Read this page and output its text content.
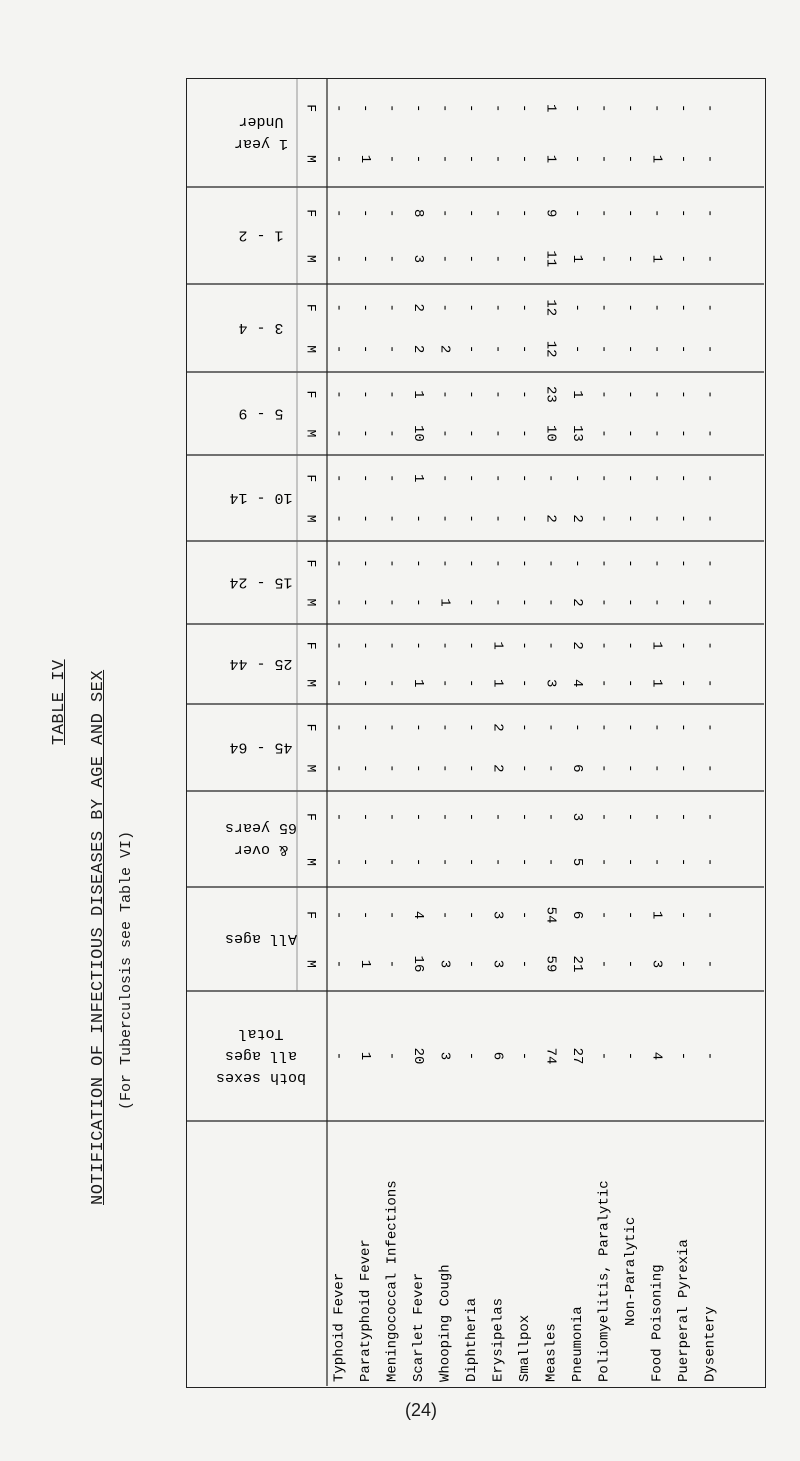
TABLE IV NOTIFICATION OF INFECTIOUS DISEASES BY AGE AND SEX (For Tuberculosis see Table VI)
Under
1 year
1 - 2
3 - 4
5 - 9
10 - 14
15 - 24
25 - 44
45 - 64
65 years
& over
All ages
Total
all ages
both sexes
M - 1 - - - - - - 1 - - - 1 - -
F - - - - - - - - 1 - - - - - -
M - - - 3 - - - - 11 1 - - 1 - -
F - - - 8 - - - - 9 - - - - - -
M - - - 2 2 - - - 12 - - - - - -
F - - - 2 - - - - 12 - - - - - -
M - - - 10 - - - - 10 13 - - - - -
F - - - 1 - - - - 23 1 - - - - -
M - - - - - - - - 2 2 - - - - -
F - - - 1 - - - - - - - - - - -
M - - - - 1 - - - - 2 - - - - -
F - - - - - - - - - - - - - - -
M - - - 1 - - 1 - 3 4 - - 1 - -
F - - - - - - 1 - - 2 - - 1 - -
M - - - - - - 2 - - 6 - - - - -
F - - - - - - 2 - - - - - - - -
M - - - - - - - - - 5 - - - - -
F - - - - - - - - - 3 - - - - -
M - 1 - 16 3 - 3 - 59 21 - - 3 - -
F - - - 4 - - 3 - 54 6 - - 1 - -
- 1 - 20 3 - 6 - 74 27 - - 4 - -
Typhoid Fever Paratyphoid Fever Meningococcal Infections Scarlet Fever Whooping Cough Diphtheria Erysipelas Smallpox Measles Pneumonia Poliomyelitis, Paralytic Non-Paralytic Food Poisoning Puerperal Pyrexia Dysentery
(24)
